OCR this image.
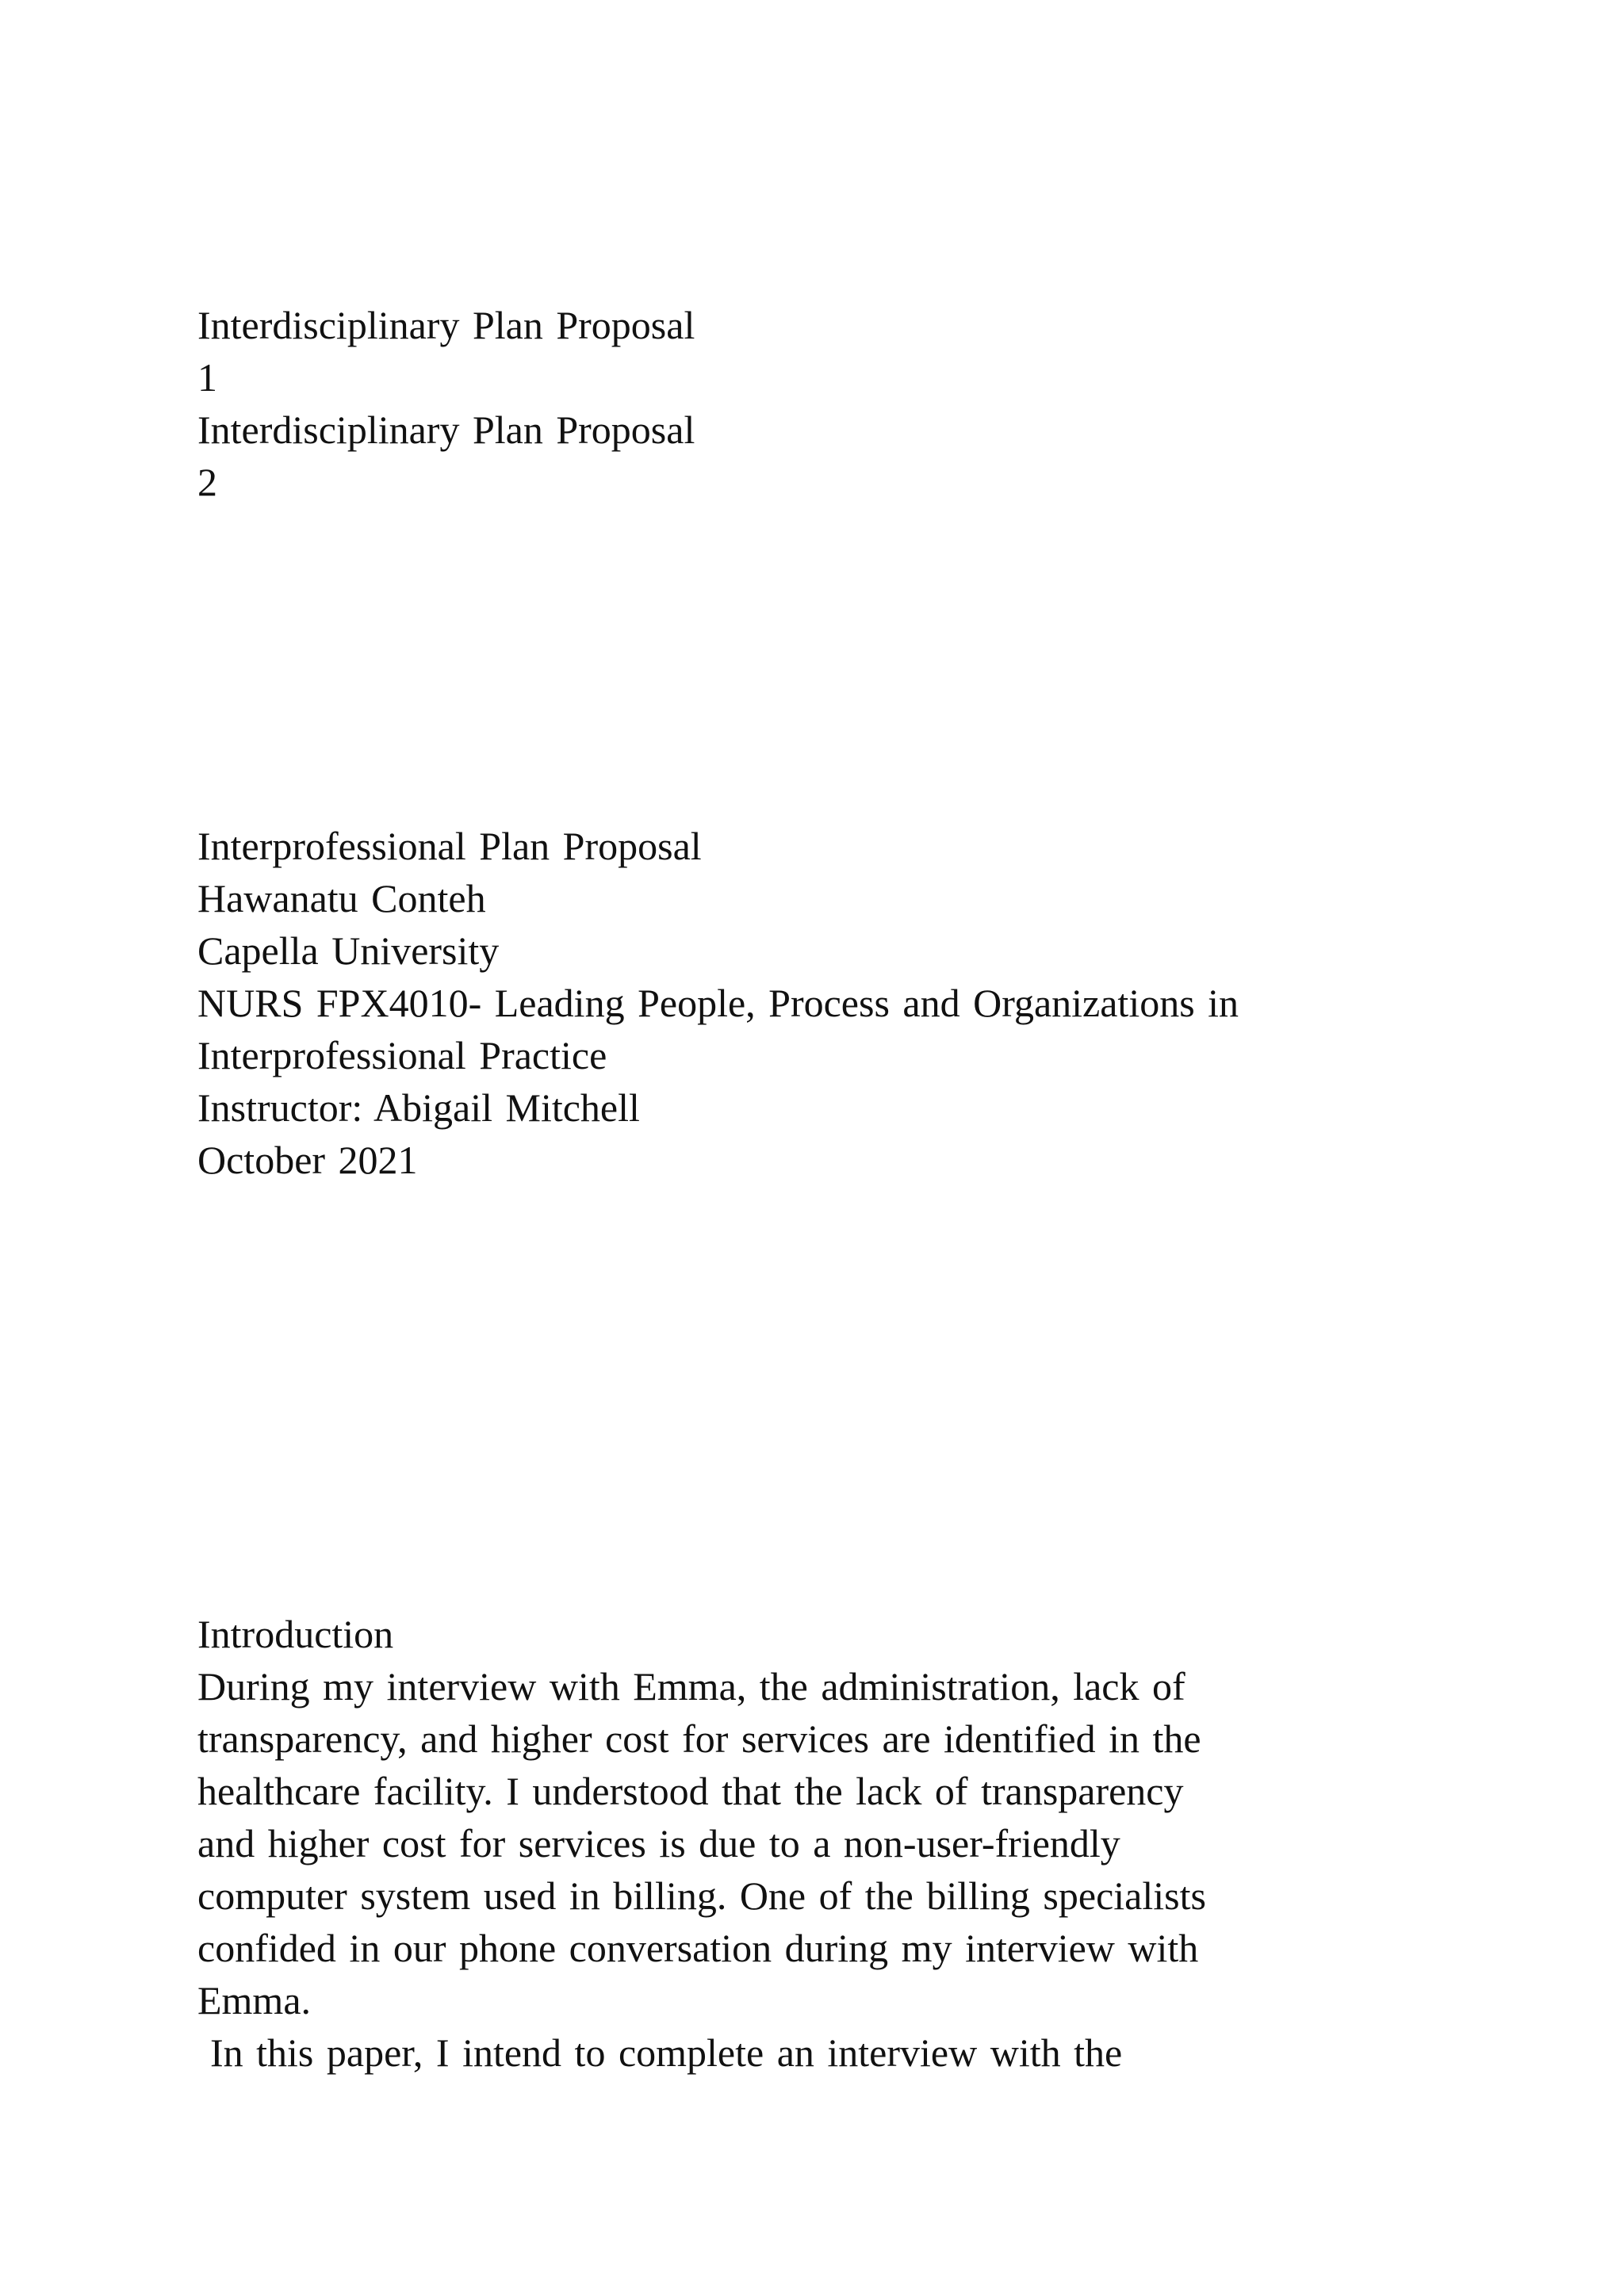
Interdisciplinary Plan Proposal
1
Interdisciplinary Plan Proposal
2
Interprofessional Plan Proposal
Hawanatu Conteh
Capella University
NURS FPX4010- Leading People, Process and Organizations in
Interprofessional Practice
Instructor: Abigail Mitchell
October 2021
Introduction
During my interview with Emma, the administration, lack of
transparency, and higher cost for services are identified in the
healthcare facility. I understood that the lack of transparency
and higher cost for services is due to a non-user-friendly
computer system used in billing. One of the billing specialists
confided in our phone conversation during my interview with
Emma.
In this paper, I intend to complete an interview with the
